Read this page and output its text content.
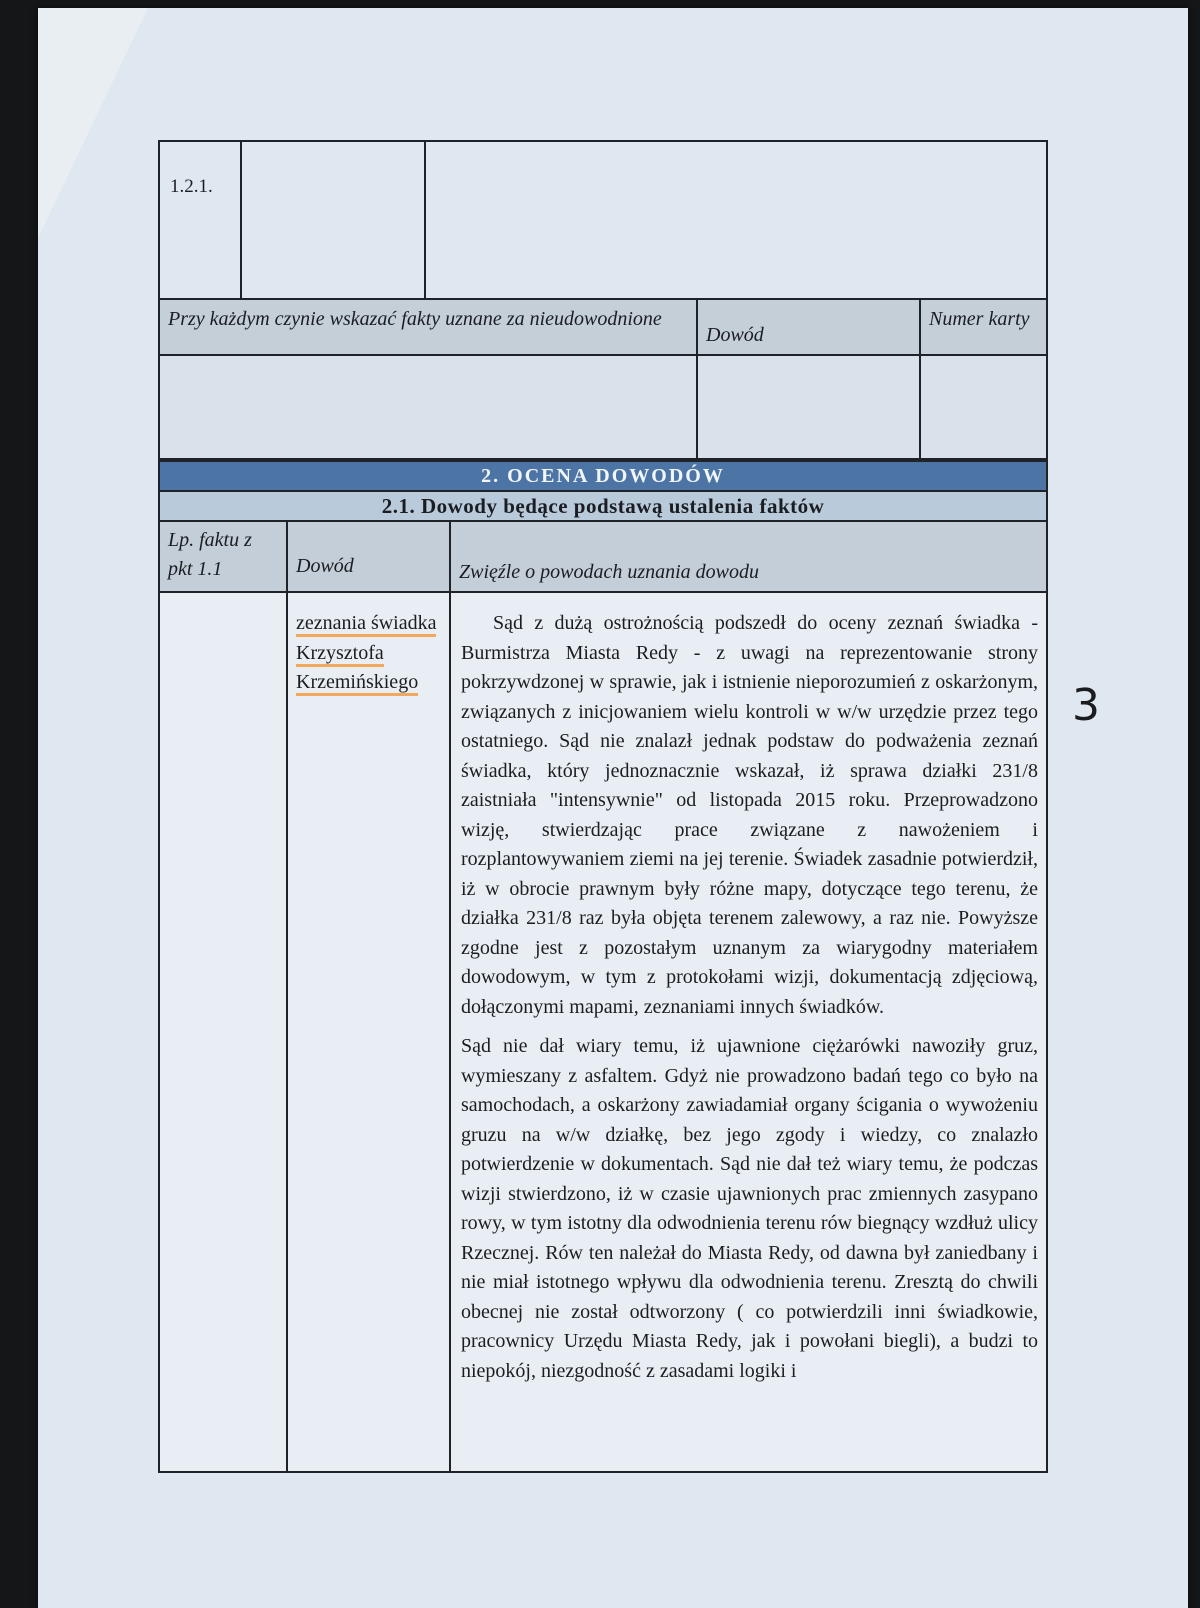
1.2.1.		
Przy każdym czynie wskazać fakty uznane za nieudowodnione	Dowód	Numer karty

2. OCENA DOWODÓW
2.1. Dowody będące podstawą ustalenia faktów
Lp. faktu z pkt 1.1	Dowód	Zwięźle o powodach uznania dowodu
	zeznania świadka Krzysztofa Krzemińskiego	Sąd z dużą ostrożnością podszedł do oceny zeznań świadka - Burmistrza Miasta Redy - z uwagi na reprezentowanie strony pokrzywdzonej w sprawie, jak i istnienie nieporozumień z oskarżonym, związanych z inicjowaniem wielu kontroli w w/w urzędzie przez tego ostatniego. Sąd nie znalazł jednak podstaw do podważenia zeznań świadka, który jednoznacznie wskazał, iż sprawa działki 231/8 zaistniała "intensywnie" od listopada 2015 roku. Przeprowadzono wizję, stwierdzając prace związane z nawożeniem i rozplantowywaniem ziemi na jej terenie. Świadek zasadnie potwierdził, iż w obrocie prawnym były różne mapy, dotyczące tego terenu, że działka 231/8 raz była objęta terenem zalewowy, a raz nie. Powyższe zgodne jest z pozostałym uznanym za wiarygodny materiałem dowodowym, w tym z protokołami wizji, dokumentacją zdjęciową, dołączonymi mapami, zeznaniami innych świadków.

Sąd nie dał wiary temu, iż ujawnione ciężarówki nawoziły gruz, wymieszany z asfaltem. Gdyż nie prowadzono badań tego co było na samochodach, a oskarżony zawiadamiał organy ścigania o wywożeniu gruzu na w/w działkę, bez jego zgody i wiedzy, co znalazło potwierdzenie w dokumentach. Sąd nie dał też wiary temu, że podczas wizji stwierdzono, iż w czasie ujawnionych prac zmiennych zasypano rowy, w tym istotny dla odwodnienia terenu rów biegnący wzdłuż ulicy Rzecznej. Rów ten należał do Miasta Redy, od dawna był zaniedbany i nie miał istotnego wpływu dla odwodnienia terenu. Zresztą do chwili obecnej nie został odtworzony ( co potwierdzili inni świadkowie, pracownicy Urzędu Miasta Redy, jak i powołani biegli), a budzi to niepokój, niezgodność z zasadami logiki i

3
